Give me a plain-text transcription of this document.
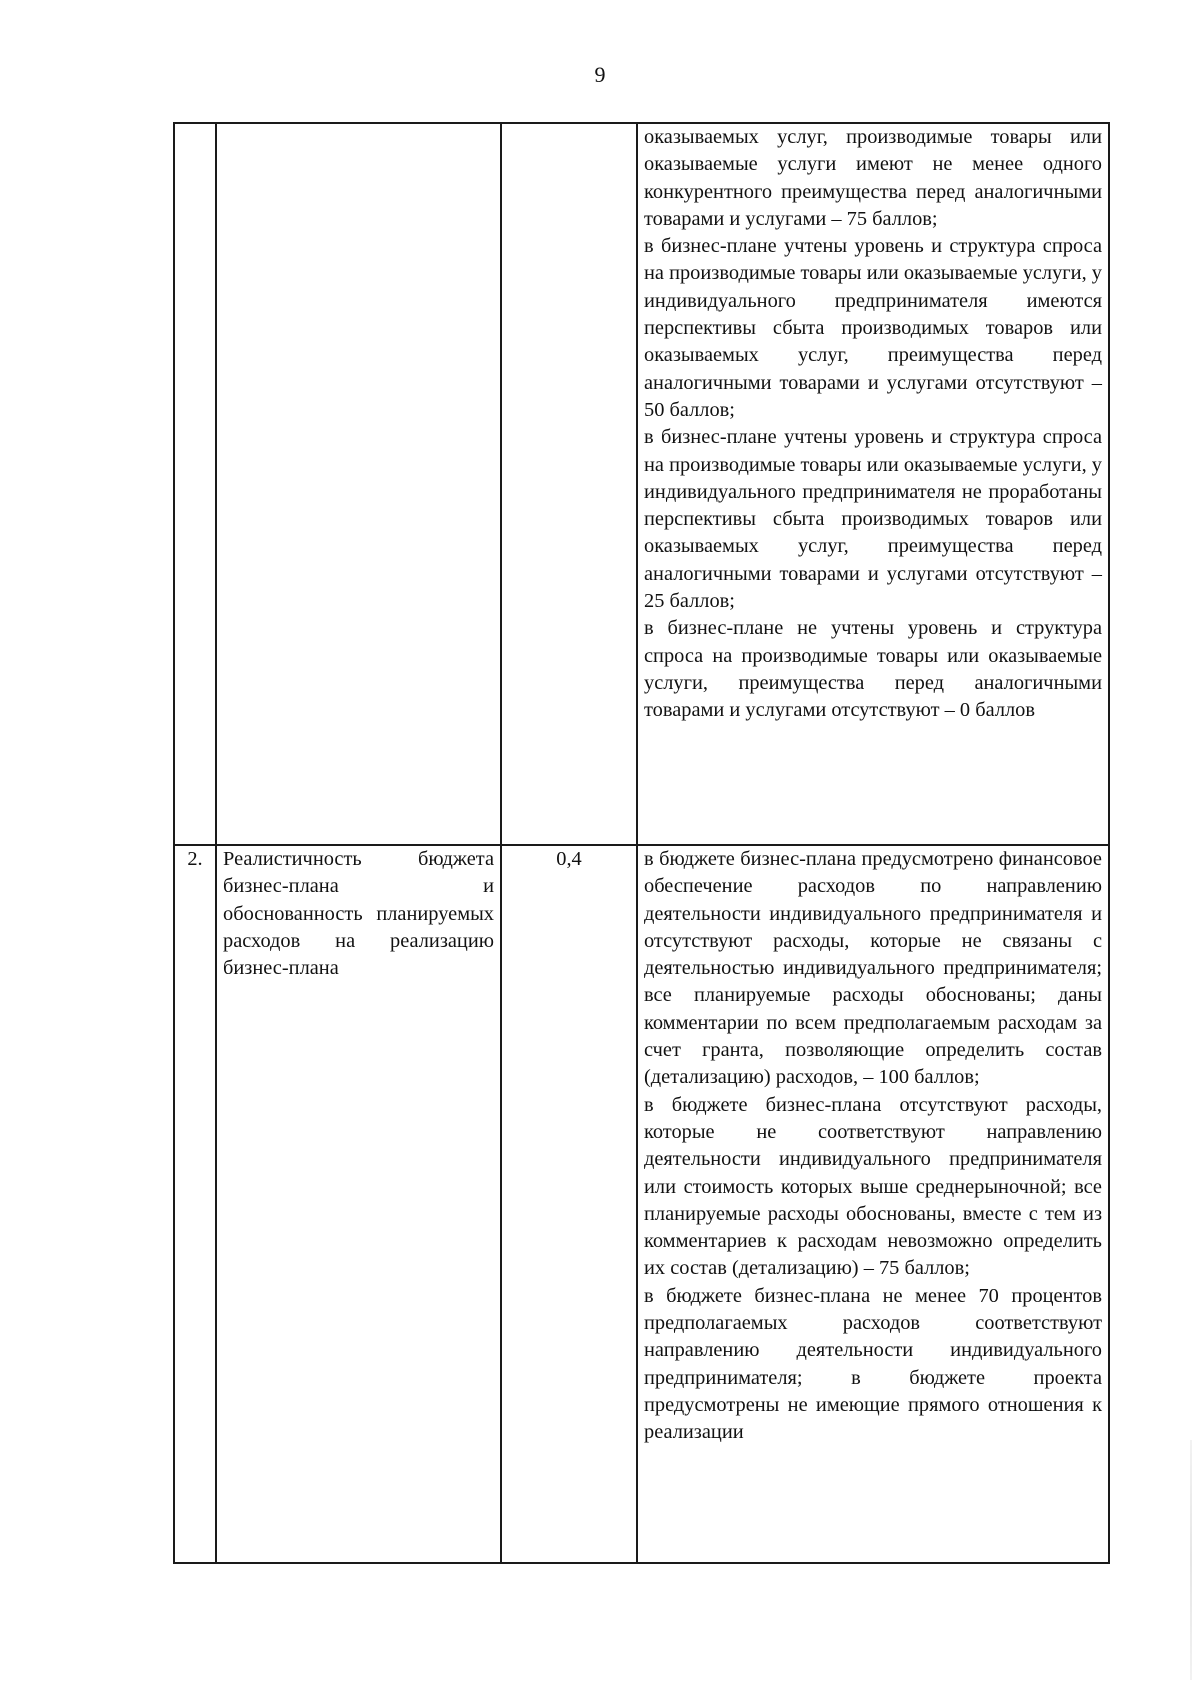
9

			оказываемых услуг, производимые товары или оказываемые услуги имеют не менее одного конкурентного преимущества перед аналогичными товарами и услугами – 75 баллов;

в бизнес-плане учтены уровень и структура спроса на производимые товары или оказываемые услуги, у индивидуального предпринимателя имеются перспективы сбыта производимых товаров или оказываемых услуг, преимущества перед аналогичными товарами и услугами отсутствуют – 50 баллов;

в бизнес-плане учтены уровень и структура спроса на производимые товары или оказываемые услуги, у индивидуального предпринимателя не проработаны перспективы сбыта производимых товаров или оказываемых услуг, преимущества перед аналогичными товарами и услугами отсутствуют – 25 баллов;

в бизнес-плане не учтены уровень и структура спроса на производимые товары или оказываемые услуги, преимущества перед аналогичными товарами и услугами отсутствуют – 0 баллов

2.	Реалистичность бюджета бизнес-плана и обоснованность планируемых расходов на реализацию бизнес-плана	0,4	в бюджете бизнес-плана предусмотрено финансовое обеспечение расходов по направлению деятельности индивидуального предпринимателя и отсутствуют расходы, которые не связаны с деятельностью индивидуального предпринимателя; все планируемые расходы обоснованы; даны комментарии по всем предполагаемым расходам за счет гранта, позволяющие определить состав (детализацию) расходов, – 100 баллов;

в бюджете бизнес-плана отсутствуют расходы, которые не соответствуют направлению деятельности индивидуального предпринимателя или стоимость которых выше среднерыночной; все планируемые расходы обоснованы, вместе с тем из комментариев к расходам невозможно определить их состав (детализацию) – 75 баллов;

в бюджете бизнес-плана не менее 70 процентов предполагаемых расходов соответствуют направлению деятельности индивидуального предпринимателя; в бюджете проекта предусмотрены не имеющие прямого отношения к реализации
